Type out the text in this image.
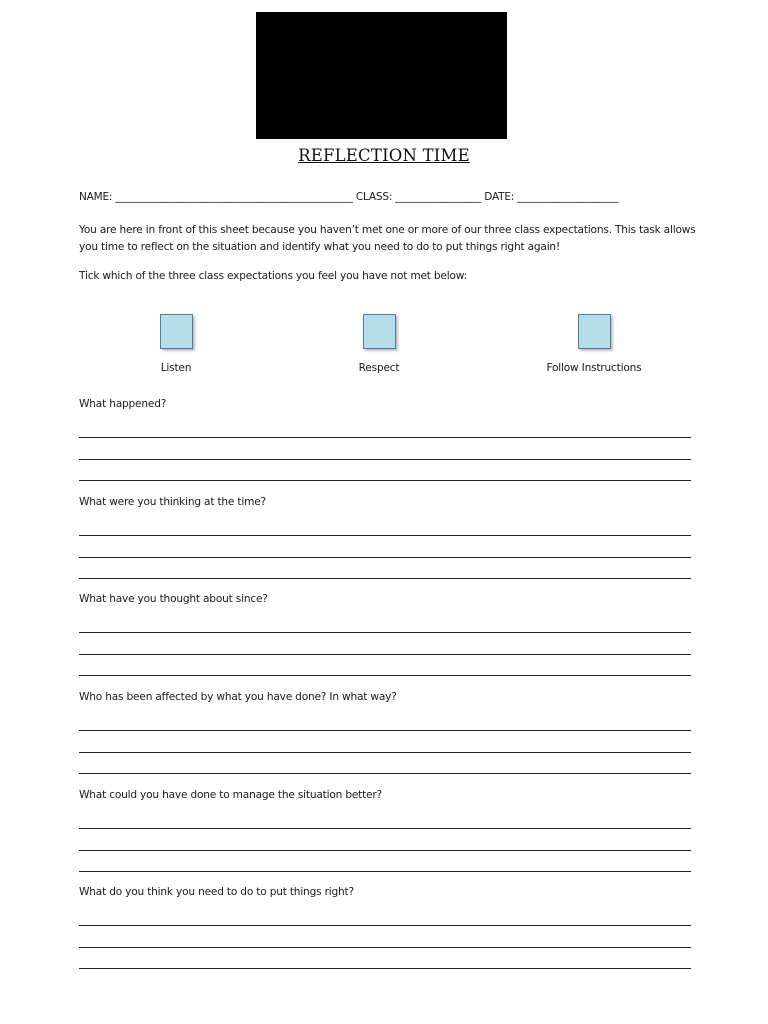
REFLECTION TIME
NAME: _______________________________________________ CLASS: _________________ DATE: ____________________
You are here in front of this sheet because you haven’t met one or more of our three class expectations. This task allows you time to reflect on the situation and identify what you need to do to put things right again!
Tick which of the three class expectations you feel you have not met below:
Listen	Respect	Follow Instructions
What happened?
What were you thinking at the time?
What have you thought about since?
Who has been affected by what you have done? In what way?
What could you have done to manage the situation better?
What do you think you need to do to put things right?
